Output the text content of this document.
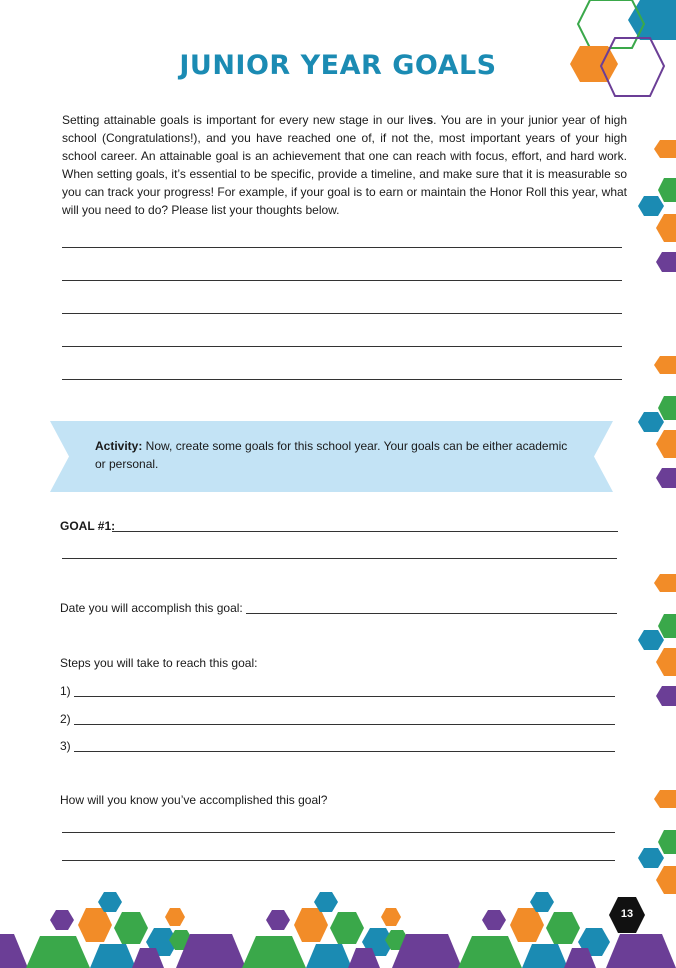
JUNIOR YEAR GOALS

Setting attainable goals is important for every new stage in our lives. You are in your junior year of high school (Congratulations!), and you have reached one of, if not the, most important years of your high school career. An attainable goal is an achievement that one can reach with focus, effort, and hard work. When setting goals, it’s essential to be specific, provide a timeline, and make sure that it is measurable so you can track your progress! For example, if your goal is to earn or maintain the Honor Roll this year, what will you need to do? Please list your thoughts below.

Activity: Now, create some goals for this school year. Your goals can be either academic or personal.

GOAL #1:
Date you will accomplish this goal:
Steps you will take to reach this goal:
1)
2)
3)
How will you know you’ve accomplished this goal?
13
